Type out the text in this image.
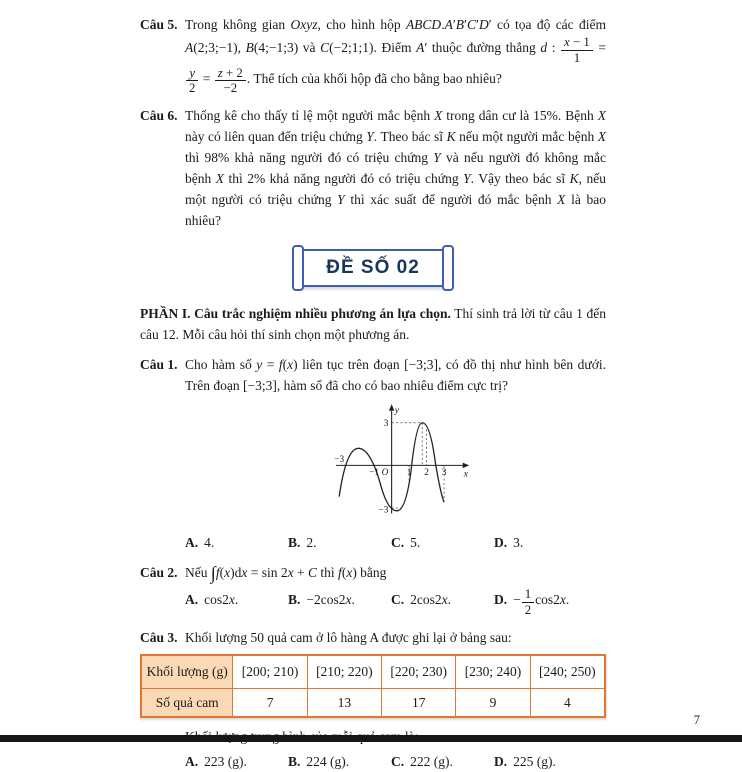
Câu 5. Trong không gian Oxyz, cho hình hộp ABCD.A′B′C′D′ có tọa độ các điểm A(2;3;−1), B(4;−1;3) và C(−2;1;1). Điểm A′ thuộc đường thẳng d : $\frac{x - 1}{1}$ =
$\frac{y}{2} = \frac{z + 2}{-2}$ . Thể tích của khối hộp đã cho bằng bao nhiêu?

Câu 6. Thống kê cho thấy tỉ lệ một người mắc bệnh X trong dân cư là 15%. Bệnh X này có liên quan đến triệu chứng Y. Theo bác sĩ K nếu một người mắc bệnh X thì 98% khả năng người đó có triệu chứng Y và nếu người đó không mắc bệnh X thì 2% khả năng người đó có triệu chứng Y. Vậy theo bác sĩ K, nếu một người có triệu chứng Y thì xác suất để người đó mắc bệnh X là bao nhiêu?

ĐỀ SỐ 02

PHẦN I. Câu trắc nghiệm nhiều phương án lựa chọn. Thí sinh trả lời từ câu 1 đến câu 12. Mỗi câu hỏi thí sinh chọn một phương án.

Câu 1. Cho hàm số y = f(x) liên tục trên đoạn [−3;3], có đồ thị như hình bên dưới. Trên đoạn [−3;3], hàm số đã cho có bao nhiêu điểm cực trị?

y
3
x
O
−3
−1	1 2 3
−3
A. 4.	B. 2.	C. 5.	D. 3.
Câu 2. Nếu ∫f(x)dx = sin 2x + C thì f(x) bằng

A. cos2x.	B. −2cos2x.	C. 2cos2x.	D. − $\frac{1}{2} \cos 2x$.
Câu 3. Khối lượng 50 quả cam ở lô hàng A được ghi lại ở bảng sau:

Khối lượng (g)	[200; 210)	[210; 220)	[220; 230)	[230; 240)	[240; 250)
Số quả cam	7	13	17	9	4

A. 223 (g).	B. 224 (g).	C. 222 (g).	D. 225 (g).
7
